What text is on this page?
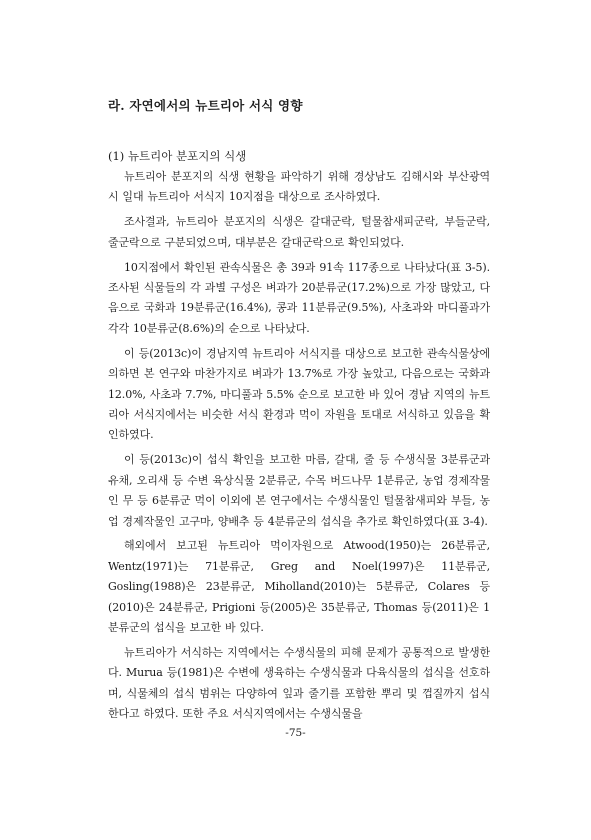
라. 자연에서의 뉴트리아 서식 영향
(1) 뉴트리아 분포지의 식생

뉴트리아 분포지의 식생 현황을 파악하기 위해 경상남도 김해시와 부산광역시 일대 뉴트리아 서식지 10지점을 대상으로 조사하였다.

조사결과, 뉴트리아 분포지의 식생은 갈대군락, 털물참새피군락, 부들군락, 줄군락으로 구분되었으며, 대부분은 갈대군락으로 확인되었다.

10지점에서 확인된 관속식물은 총 39과 91속 117종으로 나타났다(표 3-5). 조사된 식물들의 각 과별 구성은 벼과가 20분류군(17.2%)으로 가장 많았고, 다음으로 국화과 19분류군(16.4%), 콩과 11분류군(9.5%), 사초과와 마디풀과가 각각 10분류군(8.6%)의 순으로 나타났다.

이 등(2013c)이 경남지역 뉴트리아 서식지를 대상으로 보고한 관속식물상에 의하면 본 연구와 마찬가지로 벼과가 13.7%로 가장 높았고, 다음으로는 국화과 12.0%, 사초과 7.7%, 마디풀과 5.5% 순으로 보고한 바 있어 경남 지역의 뉴트리아 서식지에서는 비슷한 서식 환경과 먹이 자원을 토대로 서식하고 있음을 확인하였다.

이 등(2013c)이 섭식 확인을 보고한 마름, 갈대, 줄 등 수생식물 3분류군과 유채, 오리새 등 수변 육상식물 2분류군, 수목 버드나무 1분류군, 농업 경제작물인 무 등 6분류군 먹이 이외에 본 연구에서는 수생식물인 털물참새피와 부들, 농업 경제작물인 고구마, 양배추 등 4분류군의 섭식을 추가로 확인하였다(표 3-4).

해외에서 보고된 뉴트리아 먹이자원으로 Atwood(1950)는 26분류군, Wentz(1971)는 71분류군, Greg and Noel(1997)은 11분류군, Gosling(1988)은 23분류군, Miholland(2010)는 5분류군, Colares 등(2010)은 24분류군, Prigioni 등(2005)은 35분류군, Thomas 등(2011)은 1분류군의 섭식을 보고한 바 있다.

뉴트리아가 서식하는 지역에서는 수생식물의 피해 문제가 공통적으로 발생한다. Murua 등(1981)은 수변에 생육하는 수생식물과 다육식물의 섭식을 선호하며, 식물체의 섭식 범위는 다양하여 잎과 줄기를 포함한 뿌리 및 껍질까지 섭식한다고 하였다. 또한 주요 서식지역에서는 수생식물을

-75-
